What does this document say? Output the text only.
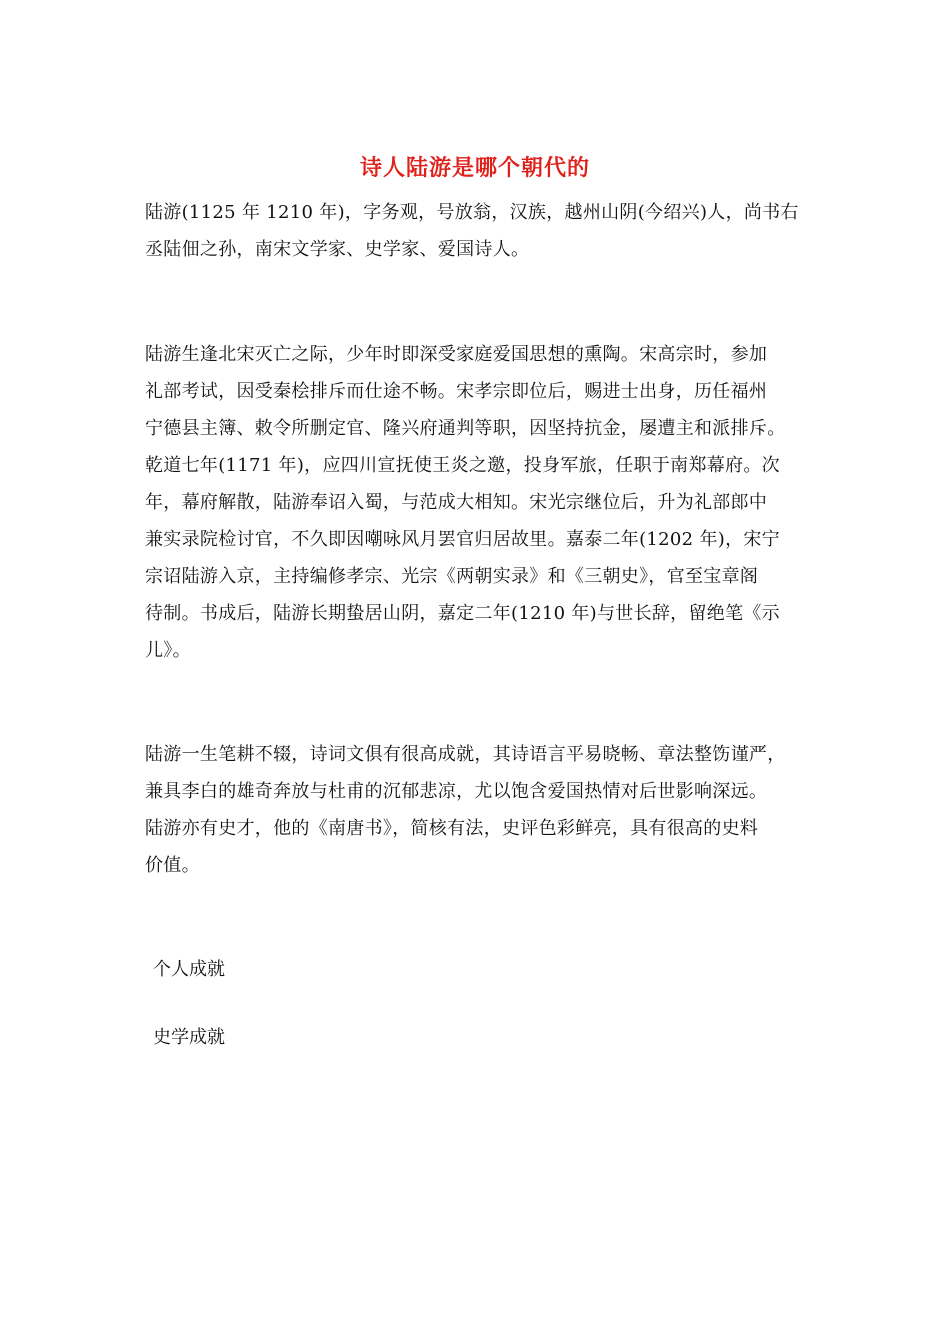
诗人陆游是哪个朝代的
陆游(1125 年 1210 年)，字务观，号放翁，汉族，越州山阴(今绍兴)人，尚书右
丞陆佃之孙，南宋文学家、史学家、爱国诗人。
陆游生逢北宋灭亡之际，少年时即深受家庭爱国思想的熏陶。宋高宗时，参加
礼部考试，因受秦桧排斥而仕途不畅。宋孝宗即位后，赐进士出身，历任福州
宁德县主簿、敕令所删定官、隆兴府通判等职，因坚持抗金，屡遭主和派排斥。
乾道七年(1171 年)，应四川宣抚使王炎之邀，投身军旅，任职于南郑幕府。次
年，幕府解散，陆游奉诏入蜀，与范成大相知。宋光宗继位后，升为礼部郎中
兼实录院检讨官，不久即因嘲咏风月罢官归居故里。嘉泰二年(1202 年)，宋宁
宗诏陆游入京，主持编修孝宗、光宗《两朝实录》和《三朝史》，官至宝章阁
待制。书成后，陆游长期蛰居山阴，嘉定二年(1210 年)与世长辞，留绝笔《示
儿》。
陆游一生笔耕不辍，诗词文俱有很高成就，其诗语言平易晓畅、章法整饬谨严，
兼具李白的雄奇奔放与杜甫的沉郁悲凉，尤以饱含爱国热情对后世影响深远。
陆游亦有史才，他的《南唐书》，简核有法，史评色彩鲜亮，具有很高的史料
价值。
个人成就
史学成就
